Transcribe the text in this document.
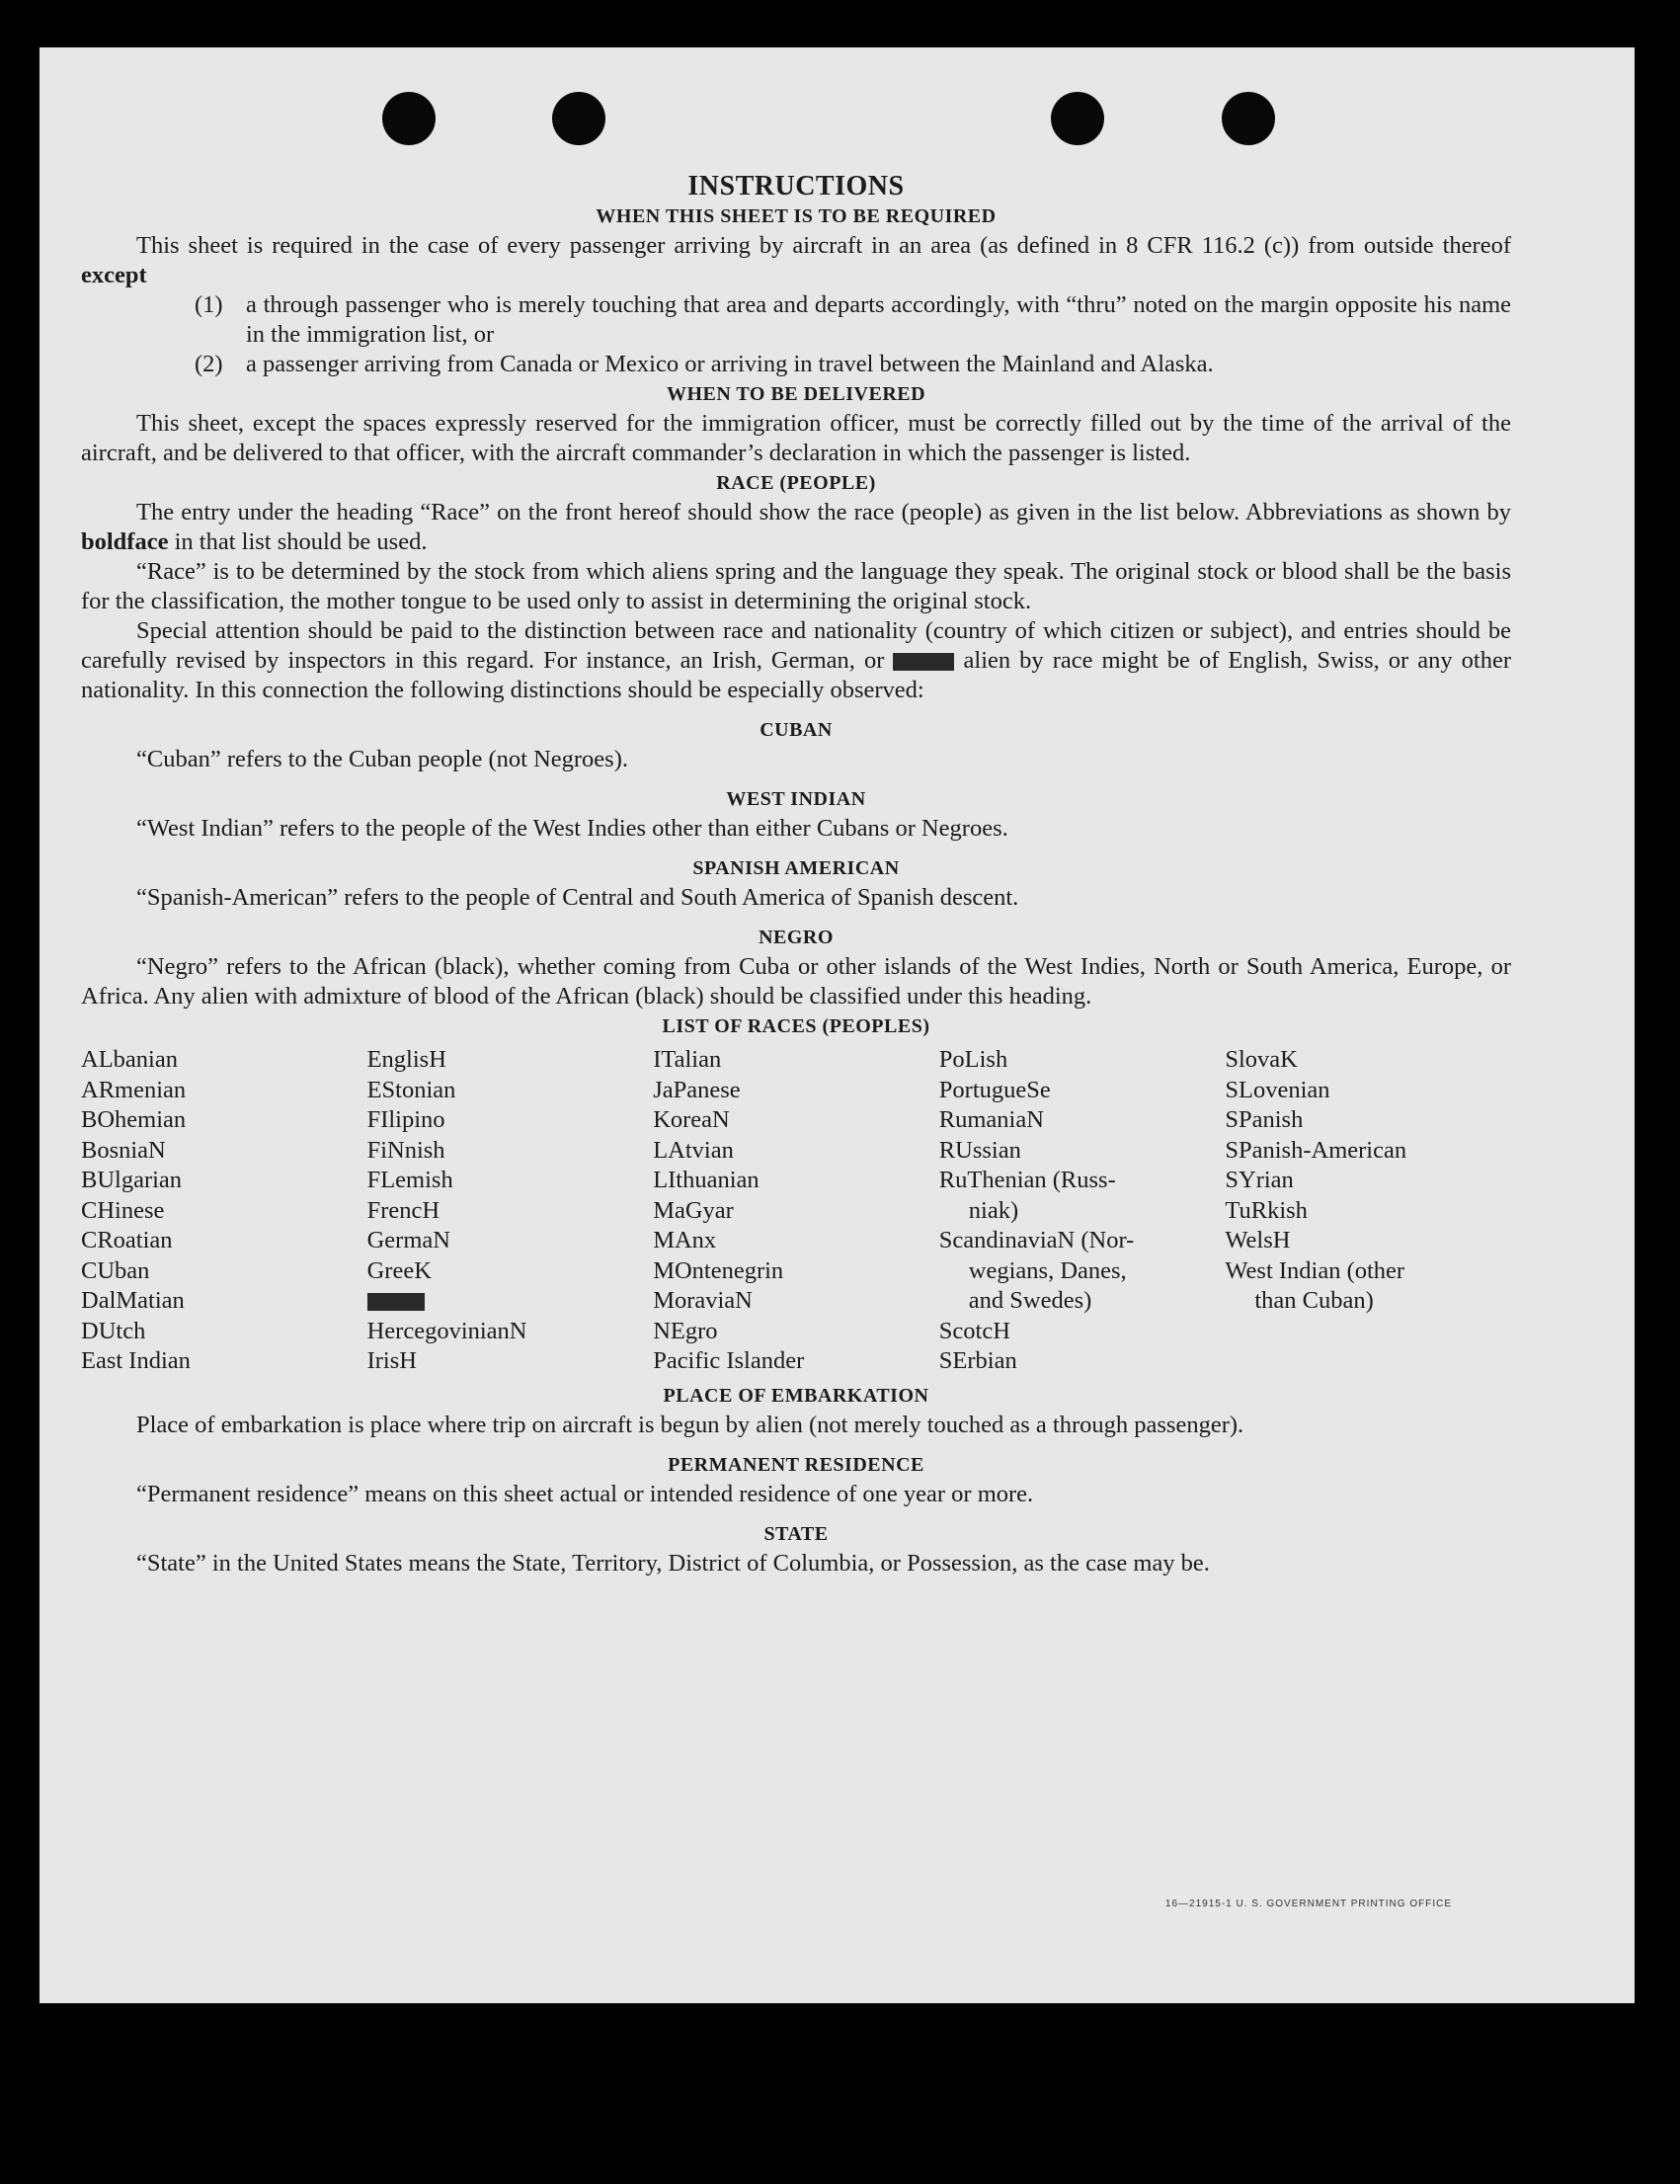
INSTRUCTIONS
WHEN THIS SHEET IS TO BE REQUIRED

This sheet is required in the case of every passenger arriving by aircraft in an area (as defined in 8 CFR 116.2 (c)) from outside thereof except

(1) a through passenger who is merely touching that area and departs accordingly, with “thru” noted on the margin opposite his name in the immigration list, or
(2) a passenger arriving from Canada or Mexico or arriving in travel between the Mainland and Alaska.
WHEN TO BE DELIVERED

This sheet, except the spaces expressly reserved for the immigration officer, must be correctly filled out by the time of the arrival of the aircraft, and be delivered to that officer, with the aircraft commander’s declaration in which the passenger is listed.

RACE (PEOPLE)

The entry under the heading “Race” on the front hereof should show the race (people) as given in the list below. Abbreviations as shown by boldface in that list should be used.

“Race” is to be determined by the stock from which aliens spring and the language they speak. The original stock or blood shall be the basis for the classification, the mother tongue to be used only to assist in determining the original stock.

Special attention should be paid to the distinction between race and nationality (country of which citizen or subject), and entries should be carefully revised by inspectors in this regard. For instance, an Irish, German, or	alien by race might be of English, Swiss, or any other nationality. In this connection the following distinctions should be especially observed:

CUBAN

“Cuban” refers to the Cuban people (not Negroes).

WEST INDIAN

“West Indian” refers to the people of the West Indies other than either Cubans or Negroes.

SPANISH AMERICAN

“Spanish-American” refers to the people of Central and South America of Spanish descent.

NEGRO

“Negro” refers to the African (black), whether coming from Cuba or other islands of the West Indies, North or South America, Europe, or Africa. Any alien with admixture of blood of the African (black) should be classified under this heading.

LIST OF RACES (PEOPLES)
ALbanian
ARmenian
BOhemian
BosniaN
BUlgarian
CHinese
CRoatian
CUban
DalMatian
DUtch
East Indian
EnglisH
EStonian
FIlipino
FiNnish
FLemish
FrencH
GermaN
GreeK
HercegovinianN
IrisH
ITalian
JaPanese
KoreaN
LAtvian
LIthuanian
MaGyar
MAnx
MOntenegrin
MoraviaN
NEgro
Pacific Islander
PoLish
PortugueSe
RumaniaN
RUssian
RuThenian (Russ-
niak)
ScandinaviaN (Nor-
wegians, Danes,
and Swedes)
ScotcH
SErbian
SlovaK
SLovenian
SPanish
SPanish-American
SYrian
TuRkish
WelsH
West Indian (other
than Cuban)
PLACE OF EMBARKATION

Place of embarkation is place where trip on aircraft is begun by alien (not merely touched as a through passenger).

PERMANENT RESIDENCE

“Permanent residence” means on this sheet actual or intended residence of one year or more.

STATE

“State” in the United States means the State, Territory, District of Columbia, or Possession, as the case may be.

16—21915-1 U. S. GOVERNMENT PRINTING OFFICE
